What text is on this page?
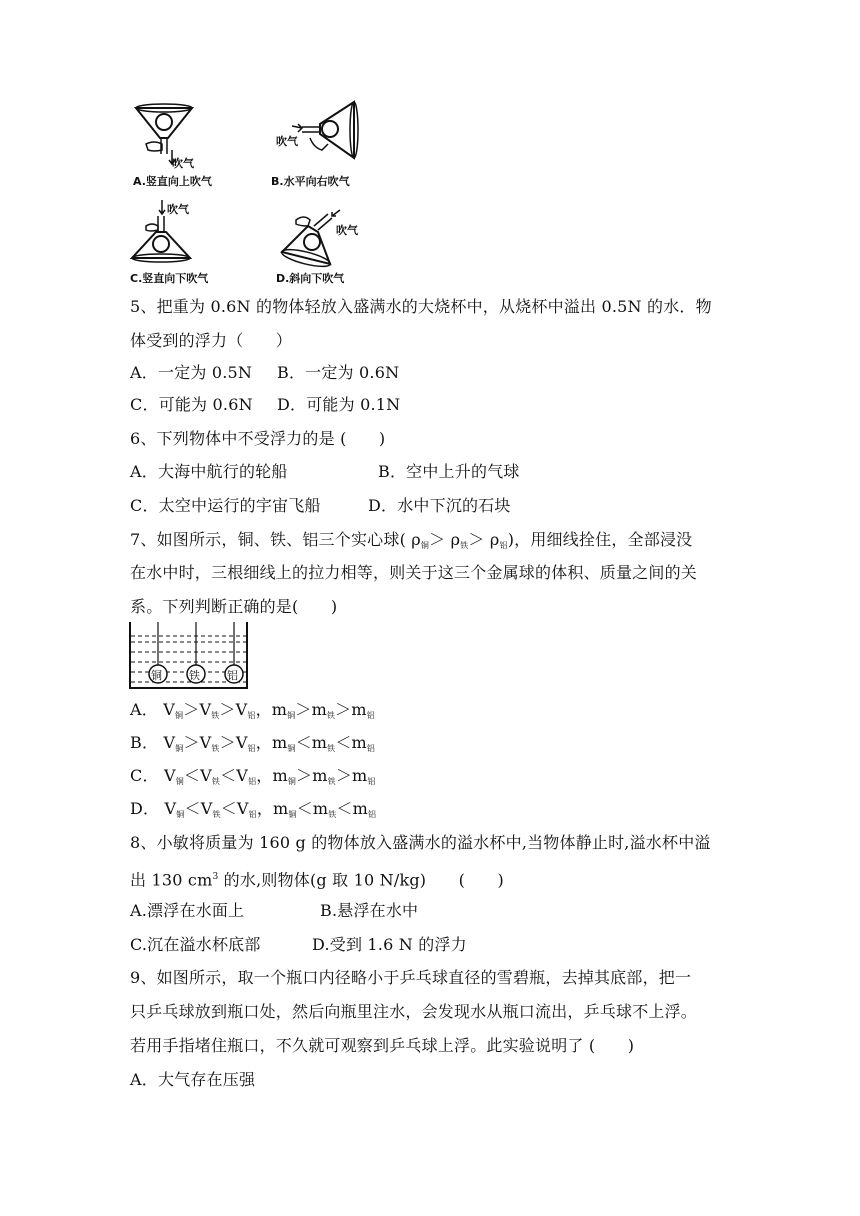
吹气
A.竖直向上吹气
吹气
B.水平向右吹气
吹气
C.竖直向下吹气
吹气
D.斜向下吹气
5、把重为 0.6N 的物体轻放入盛满水的大烧杯中，从烧杯中溢出 0.5N 的水．物
体受到的浮力（　　）
A．一定为 0.5N B．一定为 0.6N
C．可能为 0.6N D．可能为 0.1N
6、下列物体中不受浮力的是 (　　)
A．大海中航行的轮船	B．空中上升的气球
C．太空中运行的宇宙飞船	D．水中下沉的石块
7、如图所示，铜、铁、铝三个实心球( $\rho_铜> \rho_铁> \rho_铝$)，用细线拴住，全部浸没
在水中时，三根细线上的拉力相等，则关于这三个金属球的体积、质量之间的关
系。下列判断正确的是(　　)
铜 铁 铝
A． $V_铜>V_铁>V_铝$，$m_铜>m_铁>m_铝$
B． $V_铜>V_铁>V_铝$，$m_铜<m_铁<m_铝$
C． $V_铜<V_铁<V_铝$，$m_铜>m_铁>m_铝$
D． $V_铜<V_铁<V_铝$，$m_铜<m_铁<m_铝$
8、小敏将质量为 160 g 的物体放入盛满水的溢水杯中,当物体静止时,溢水杯中溢
出 130 $cm^3$ 的水,则物体(g 取 10 N/kg)　　(　　)
A.漂浮在水面上	B.悬浮在水中
C.沉在溢水杯底部	D.受到 1.6 N 的浮力
9、如图所示，取一个瓶口内径略小于乒乓球直径的雪碧瓶，去掉其底部，把一
只乒乓球放到瓶口处，然后向瓶里注水，会发现水从瓶口流出，乒乓球不上浮。
若用手指堵住瓶口，不久就可观察到乒乓球上浮。此实验说明了 (　　)
A．大气存在压强
